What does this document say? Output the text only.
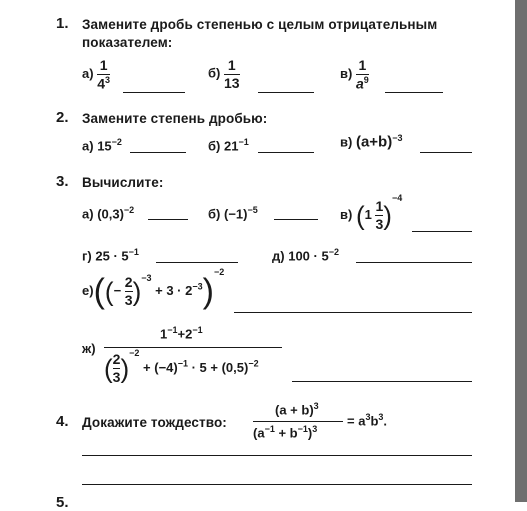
1. Замените дробь степенью с целым отрицательным
показателем:
$а) \frac{1}{4^3}$	$б) \frac{1}{13}$	$в) \frac{1}{a^9}$
2. Замените степень дробью:
а) $15^{-2}$	б) $21^{-1}$	в) $(a+b)^{-3}$
3. Вычислите:
а) $(0,3)^{-2}$	б) $(-1)^{-5}$	в) $(1 \frac{1}{3} )^{-4}$
г) $25 \cdot 5^{-1}$	д) $100 \cdot 5^{-2}$
$е)((- \frac{2}{3} )^{-3} + 3 \cdot 2^{-3})^{-2}$
ж)
$1^{-1}+2^{-1}$
( $\frac{2}{3} )^{-2} + (-4)^{-1} \cdot 5 + (0,5)^{-2}$
4. Докажите тождество:
$(a + b)^3$
$(a^{-1} + b^{-1})^3$
= $a^3b^3$.
5.
